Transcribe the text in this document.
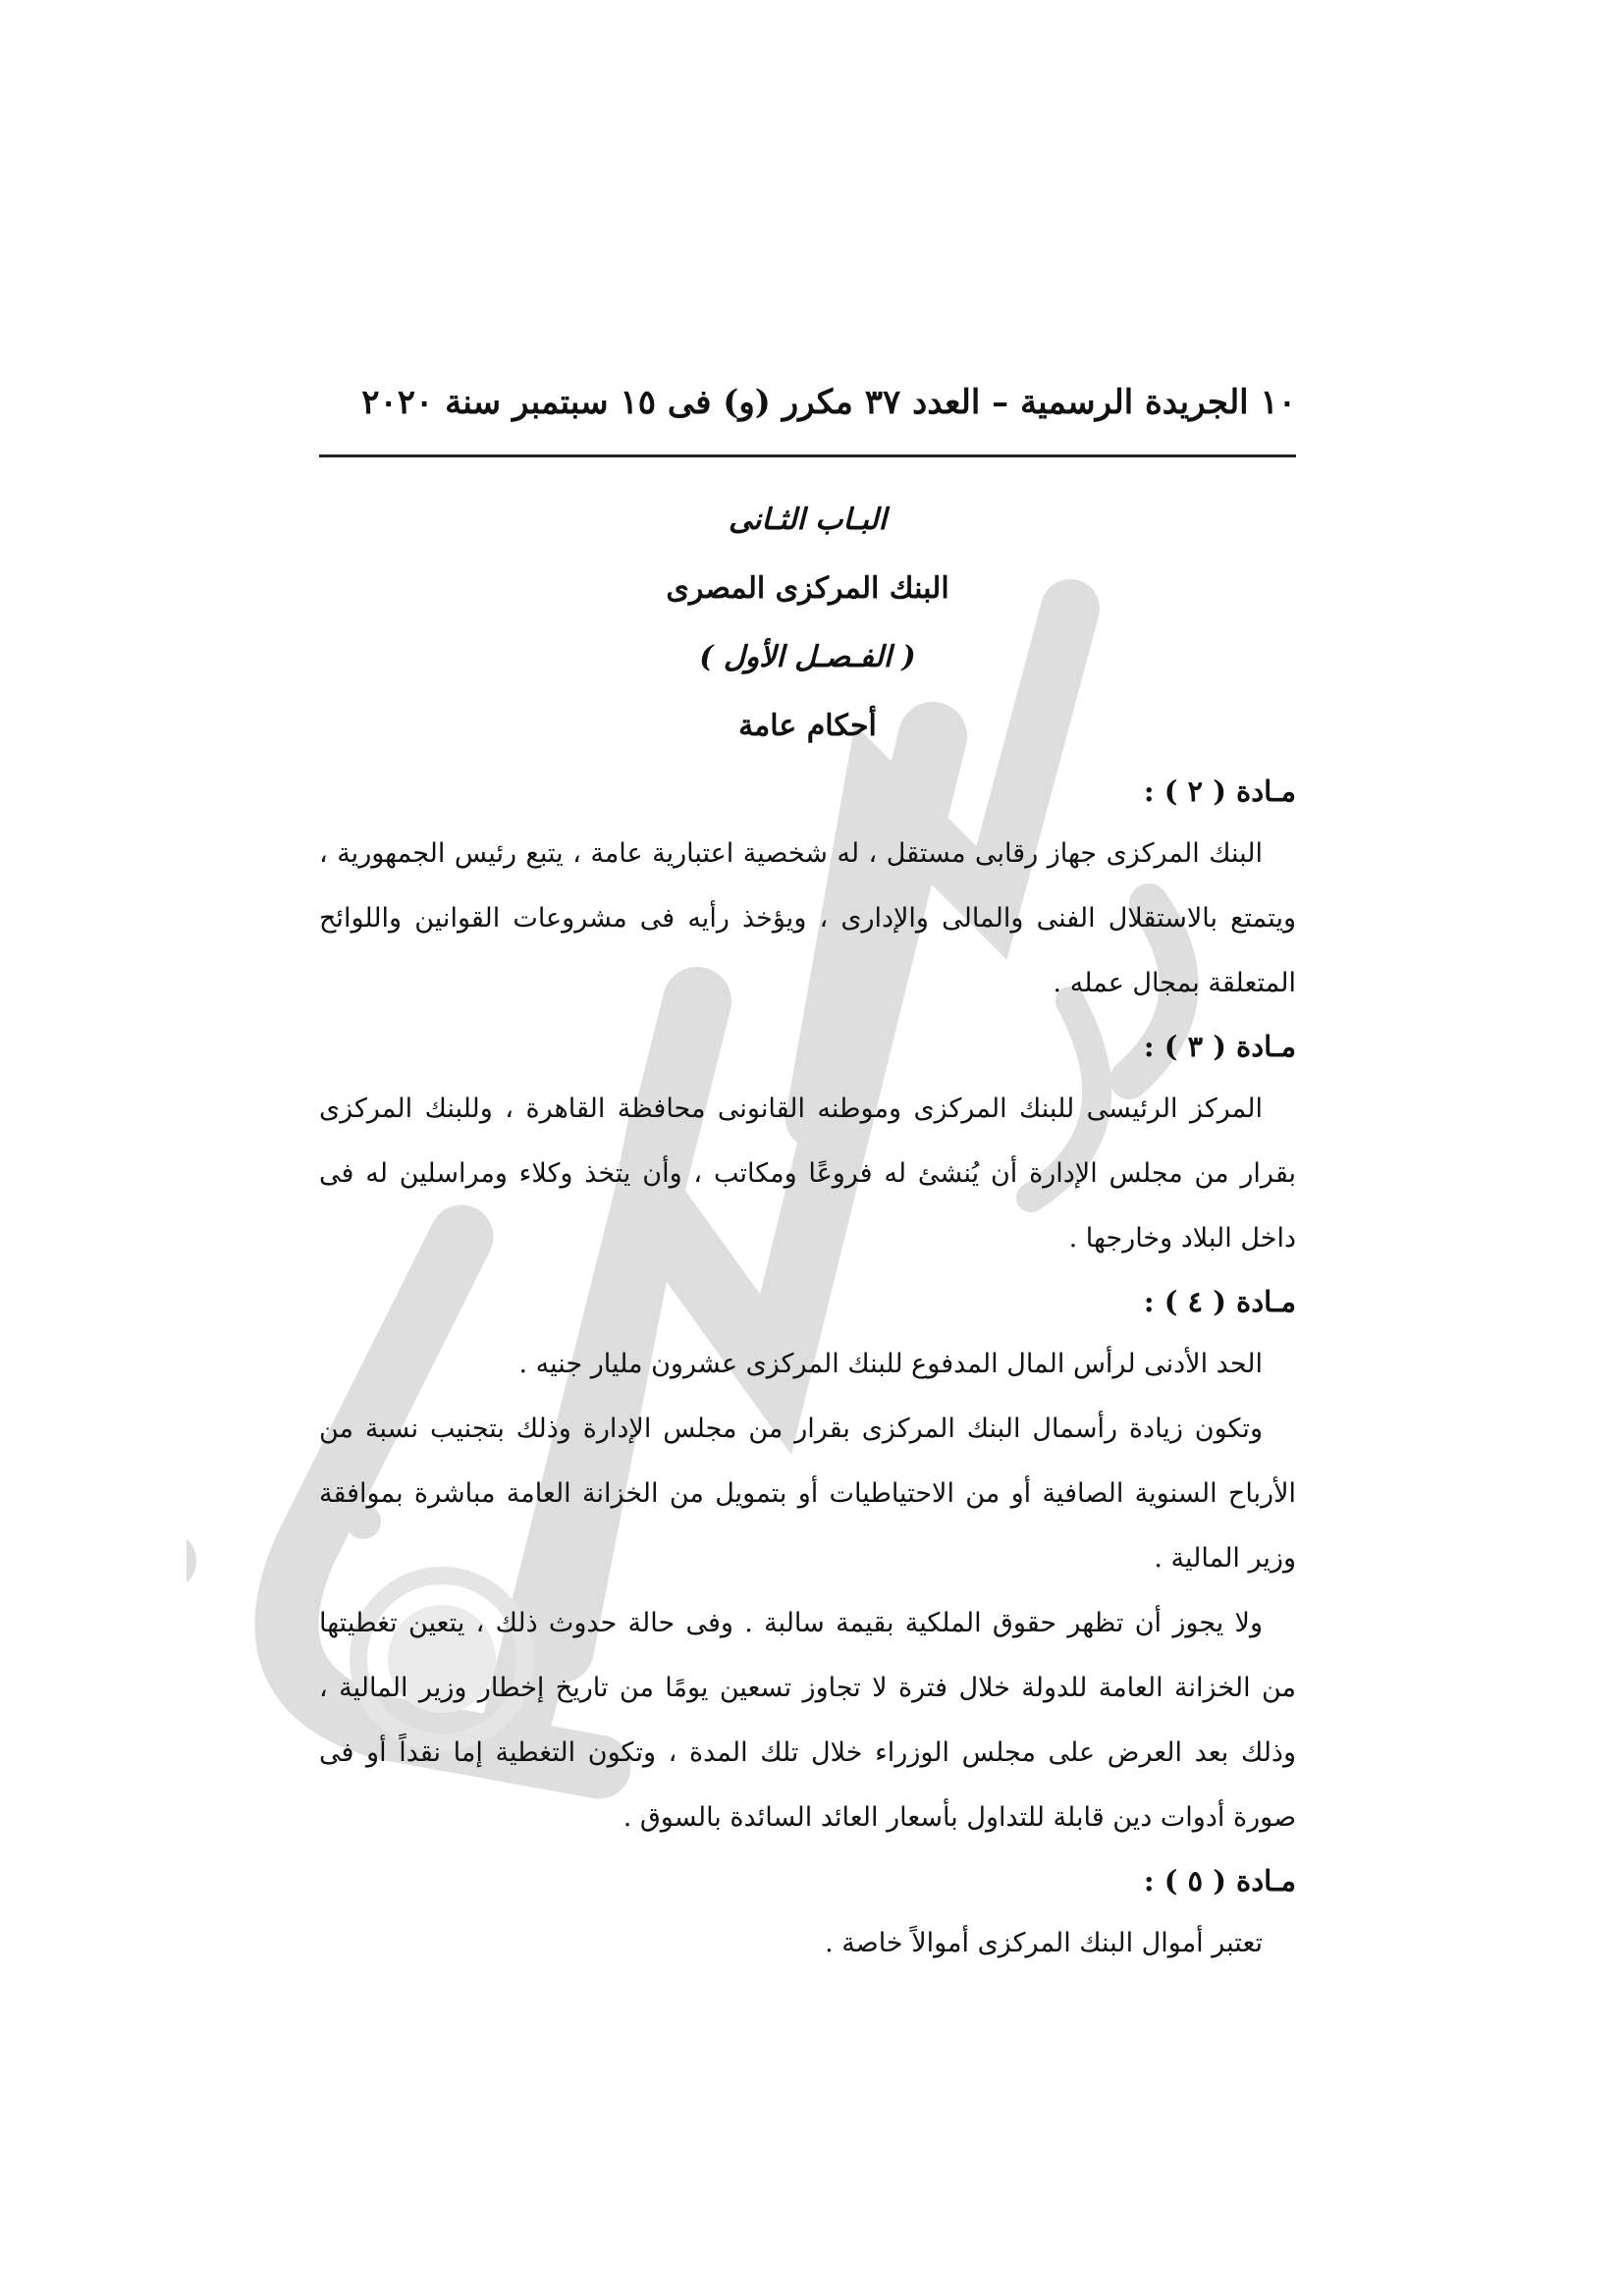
١٠ الجريدة الرسمية – العدد ٣٧ مكرر (و) فى ١٥ سبتمبر سنة ٢٠٢٠
البـاب الثـانى
البنك المركزى المصرى
( الفـصـل الأول )
أحكام عامة
مـادة ( ٢ ) :

البنك المركزى جهاز رقابى مستقل ، له شخصية اعتبارية عامة ، يتبع رئيس الجمهورية ، ويتمتع بالاستقلال الفنى والمالى والإدارى ، ويؤخذ رأيه فى مشروعات القوانين واللوائح المتعلقة بمجال عمله .

مـادة ( ٣ ) :

المركز الرئيسى للبنك المركزى وموطنه القانونى محافظة القاهرة ، وللبنك المركزى بقرار من مجلس الإدارة أن يُنشئ له فروعًا ومكاتب ، وأن يتخذ وكلاء ومراسلين له فى داخل البلاد وخارجها .

مـادة ( ٤ ) :

الحد الأدنى لرأس المال المدفوع للبنك المركزى عشرون مليار جنيه .

وتكون زيادة رأسمال البنك المركزى بقرار من مجلس الإدارة وذلك بتجنيب نسبة من الأرباح السنوية الصافية أو من الاحتياطيات أو بتمويل من الخزانة العامة مباشرة بموافقة وزير المالية .

ولا يجوز أن تظهر حقوق الملكية بقيمة سالبة . وفى حالة حدوث ذلك ، يتعين تغطيتها من الخزانة العامة للدولة خلال فترة لا تجاوز تسعين يومًا من تاريخ إخطار وزير المالية ، وذلك بعد العرض على مجلس الوزراء خلال تلك المدة ، وتكون التغطية إما نقداً أو فى صورة أدوات دين قابلة للتداول بأسعار العائد السائدة بالسوق .

مـادة ( ٥ ) :

تعتبر أموال البنك المركزى أموالاً خاصة .
